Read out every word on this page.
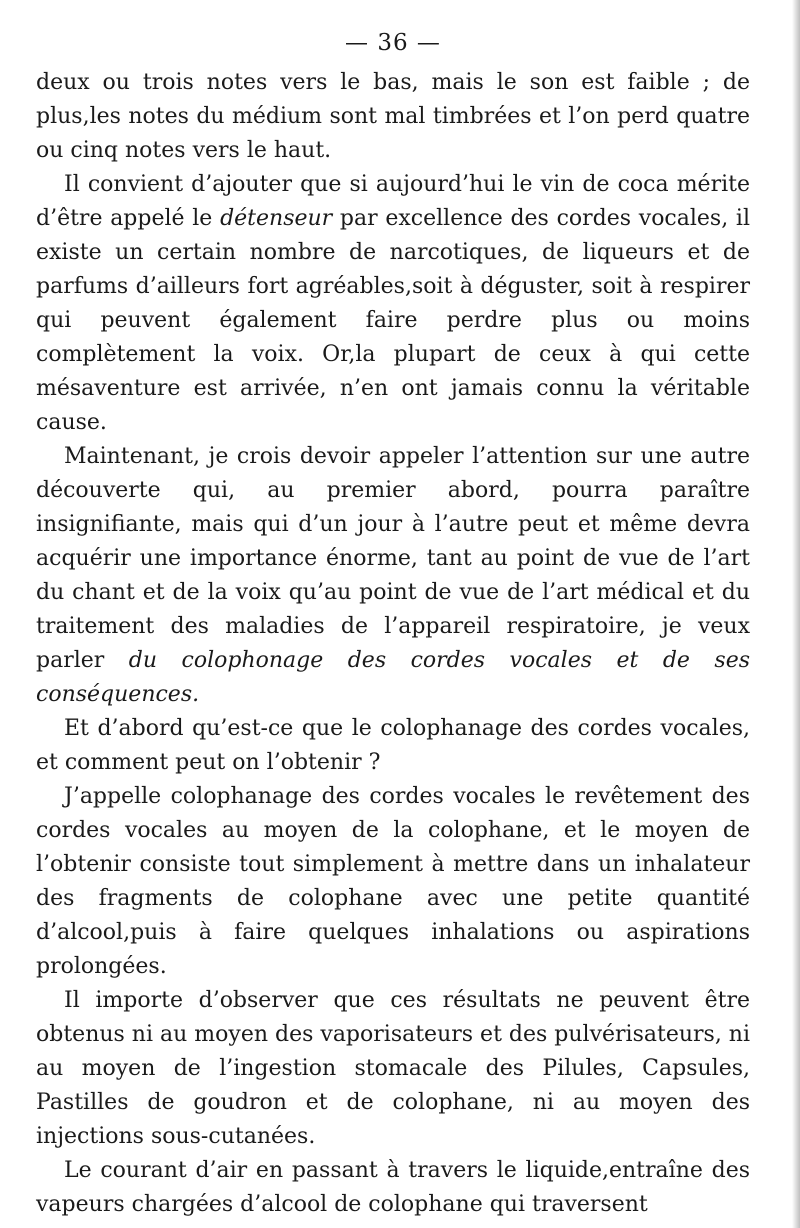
— 36 —

deux ou trois notes vers le bas, mais le son est faible ; de plus,les notes du médium sont mal timbrées et l’on perd quatre ou cinq notes vers le haut.

Il convient d’ajouter que si aujourd’hui le vin de coca mérite d’être appelé le détenseur par excellence des cordes vocales, il existe un certain nombre de narcotiques, de liqueurs et de parfums d’ailleurs fort agréables,soit à déguster, soit à respirer qui peuvent également faire perdre plus ou moins complètement la voix. Or,la plupart de ceux à qui cette mésaventure est arrivée, n’en ont jamais connu la véritable cause.

Maintenant, je crois devoir appeler l’attention sur une autre découverte qui, au premier abord, pourra paraître insignifiante, mais qui d’un jour à l’autre peut et même devra acquérir une importance énorme, tant au point de vue de l’art du chant et de la voix qu’au point de vue de l’art médical et du traitement des maladies de l’appareil respiratoire, je veux parler du colophonage des cordes vocales et de ses conséquences.

Et d’abord qu’est-ce que le colophanage des cordes vocales, et comment peut on l’obtenir ?

J’appelle colophanage des cordes vocales le revêtement des cordes vocales au moyen de la colophane, et le moyen de l’obtenir consiste tout simplement à mettre dans un inhalateur des fragments de colophane avec une petite quantité d’alcool,puis à faire quelques inhalations ou aspirations prolongées.

Il importe d’observer que ces résultats ne peuvent être obtenus ni au moyen des vaporisateurs et des pulvérisateurs, ni au moyen de l’ingestion stomacale des Pilules, Capsules, Pastilles de goudron et de colophane, ni au moyen des injections sous-cutanées.

Le courant d’air en passant à travers le liquide,entraîne des vapeurs chargées d’alcool de colophane qui traversent
